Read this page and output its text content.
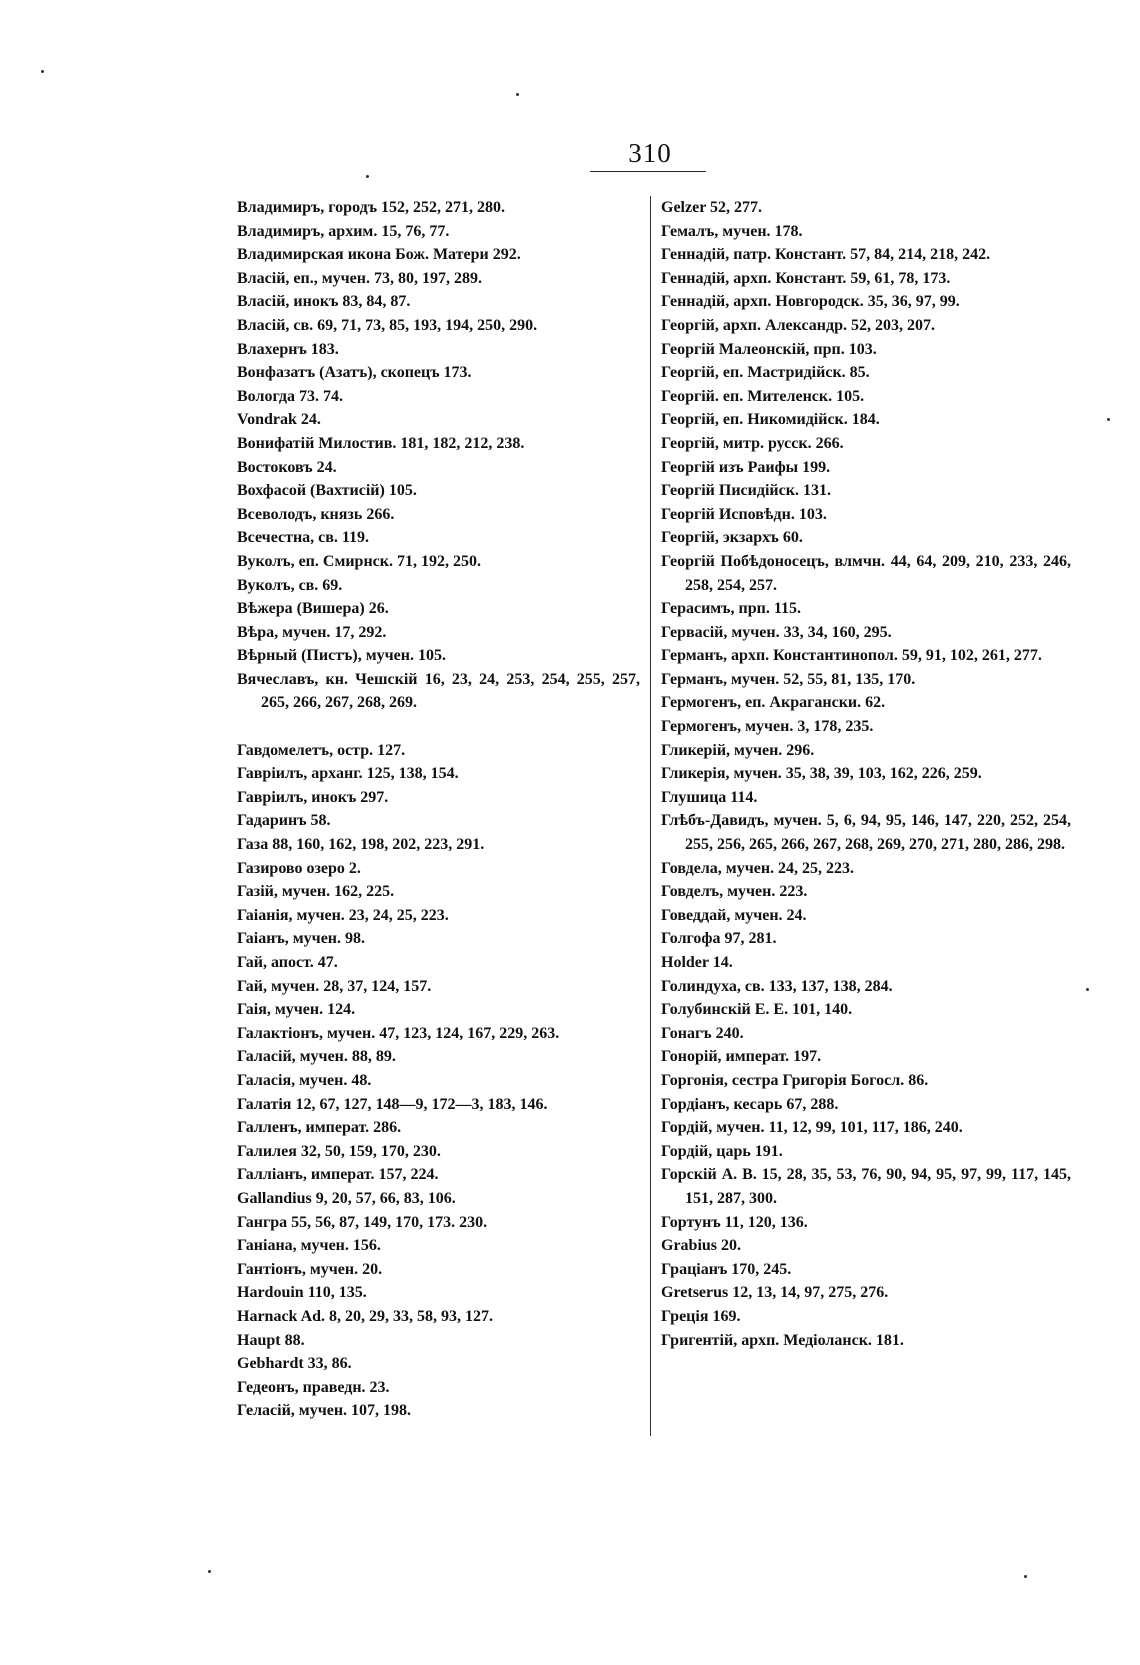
310
Владимиръ, городъ 152, 252, 271, 280.
Владимиръ, архим. 15, 76, 77.
Владимирская икона Бож. Матери 292.
Власій, еп., мучен. 73, 80, 197, 289.
Власій, инокъ 83, 84, 87.
Власій, св. 69, 71, 73, 85, 193, 194, 250, 290.
Влахернъ 183.
Вонфазатъ (Азатъ), скопецъ 173.
Вологда 73. 74.
Vondrak 24.
Вонифатій Милостив. 181, 182, 212, 238.
Востоковъ 24.
Вохфасой (Вахтисій) 105.
Всеволодъ, князь 266.
Всечестна, св. 119.
Вуколъ, еп. Смирнск. 71, 192, 250.
Вуколъ, св. 69.
Вѣжера (Вишера) 26.
Вѣра, мучен. 17, 292.
Вѣрный (Пистъ), мучен. 105.
Вячеславъ, кн. Чешскій 16, 23, 24, 253, 254, 255, 257, 265, 266, 267, 268, 269.
Гавдомелетъ, остр. 127.
Гавріилъ, арханг. 125, 138, 154.
Гавріилъ, инокъ 297.
Гадаринъ 58.
Газа 88, 160, 162, 198, 202, 223, 291.
Газирово озеро 2.
Газій, мучен. 162, 225.
Гаіанія, мучен. 23, 24, 25, 223.
Гаіанъ, мучен. 98.
Гай, апост. 47.
Гай, мучен. 28, 37, 124, 157.
Гаія, мучен. 124.
Галактіонъ, мучен. 47, 123, 124, 167, 229, 263.
Галасій, мучен. 88, 89.
Галасія, мучен. 48.
Галатія 12, 67, 127, 148—9, 172—3, 183, 146.
Галленъ, императ. 286.
Галилея 32, 50, 159, 170, 230.
Галліанъ, императ. 157, 224.
Gallandius 9, 20, 57, 66, 83, 106.
Гангра 55, 56, 87, 149, 170, 173. 230.
Ганіана, мучен. 156.
Гантіонъ, мучен. 20.
Hardouin 110, 135.
Harnack Ad. 8, 20, 29, 33, 58, 93, 127.
Haupt 88.
Gebhardt 33, 86.
Гедеонъ, праведн. 23.
Геласій, мучен. 107, 198.
Gelzer 52, 277.
Гемалъ, мучен. 178.
Геннадій, патр. Констант. 57, 84, 214, 218, 242.
Геннадій, архп. Констант. 59, 61, 78, 173.
Геннадій, архп. Новгородск. 35, 36, 97, 99.
Георгій, архп. Александр. 52, 203, 207.
Георгій Малеонскій, прп. 103.
Георгій, еп. Мастридійск. 85.
Георгій. еп. Мителенск. 105.
Георгій, еп. Никомидійск. 184.
Георгій, митр. русск. 266.
Георгій изъ Раифы 199.
Георгій Писидійск. 131.
Георгій Исповѣдн. 103.
Георгій, экзархъ 60.
Георгій Побѣдоносецъ, влмчн. 44, 64, 209, 210, 233, 246, 258, 254, 257.
Герасимъ, прп. 115.
Гервасій, мучен. 33, 34, 160, 295.
Германъ, архп. Константинопол. 59, 91, 102, 261, 277.
Германъ, мучен. 52, 55, 81, 135, 170.
Гермогенъ, еп. Акрагански. 62.
Гермогенъ, мучен. 3, 178, 235.
Гликерій, мучен. 296.
Гликерія, мучен. 35, 38, 39, 103, 162, 226, 259.
Глушица 114.
Глѣбъ-Давидъ, мучен. 5, 6, 94, 95, 146, 147, 220, 252, 254, 255, 256, 265, 266, 267, 268, 269, 270, 271, 280, 286, 298.
Говдела, мучен. 24, 25, 223.
Говделъ, мучен. 223.
Говеддай, мучен. 24.
Голгофа 97, 281.
Holder 14.
Голиндуха, св. 133, 137, 138, 284.
Голубинскій Е. Е. 101, 140.
Гонагъ 240.
Гонорій, императ. 197.
Горгонія, сестра Григорія Богосл. 86.
Гордіанъ, кесарь 67, 288.
Гордій, мучен. 11, 12, 99, 101, 117, 186, 240.
Гордій, царь 191.
Горскій А. В. 15, 28, 35, 53, 76, 90, 94, 95, 97, 99, 117, 145, 151, 287, 300.
Гортунъ 11, 120, 136.
Grabius 20.
Граціанъ 170, 245.
Gretserus 12, 13, 14, 97, 275, 276.
Греція 169.
Григентій, архп. Медіоланск. 181.
